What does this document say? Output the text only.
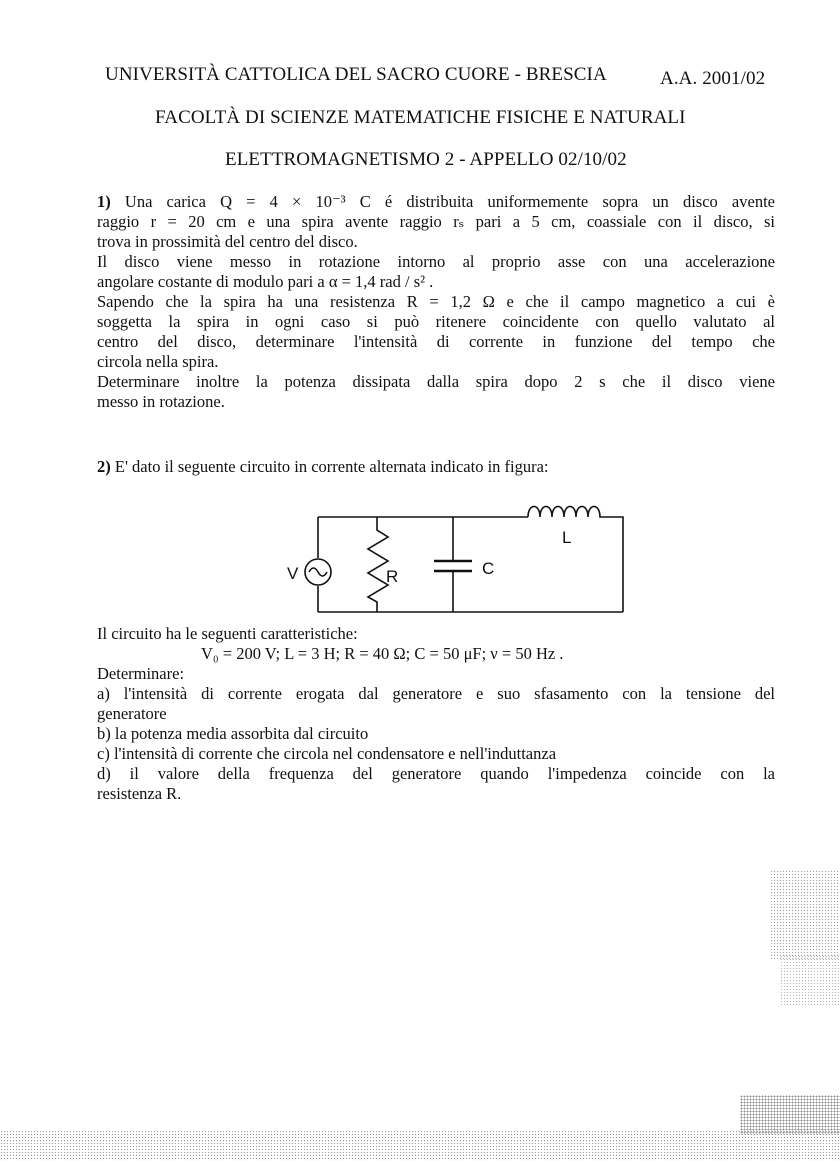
UNIVERSITÀ CATTOLICA DEL SACRO CUORE - BRESCIA	A.A. 2001/02
FACOLTÀ DI SCIENZE MATEMATICHE FISICHE E NATURALI
ELETTROMAGNETISMO 2 - APPELLO 02/10/02
1) Una carica Q = 4 × 10⁻³ C é distribuita uniformemente sopra un disco avente
raggio r = 20 cm e una spira avente raggio rₛ pari a 5 cm, coassiale con il disco, si
trova in prossimità del centro del disco.
Il disco viene messo in rotazione intorno al proprio asse con una accelerazione
angolare costante di modulo pari a α = 1,4 rad / s² .
Sapendo che la spira ha una resistenza R = 1,2 Ω e che il campo magnetico a cui è
soggetta la spira in ogni caso si può ritenere coincidente con quello valutato al
centro del disco, determinare l'intensità di corrente in funzione del tempo che
circola nella spira.
Determinare inoltre la potenza dissipata dalla spira dopo 2 s che il disco viene
messo in rotazione.
2) E' dato il seguente circuito in corrente alternata indicato in figura:
V	R	C
L
Il circuito ha le seguenti caratteristiche:
V₀ = 200 V; L = 3 H; R = 40 Ω; C = 50 μF; ν = 50 Hz .
Determinare:
a) l'intensità di corrente erogata dal generatore e suo sfasamento con la tensione del
generatore
b) la potenza media assorbita dal circuito
c) l'intensità di corrente che circola nel condensatore e nell'induttanza
d) il valore della frequenza del generatore quando l'impedenza coincide con la
resistenza R.
